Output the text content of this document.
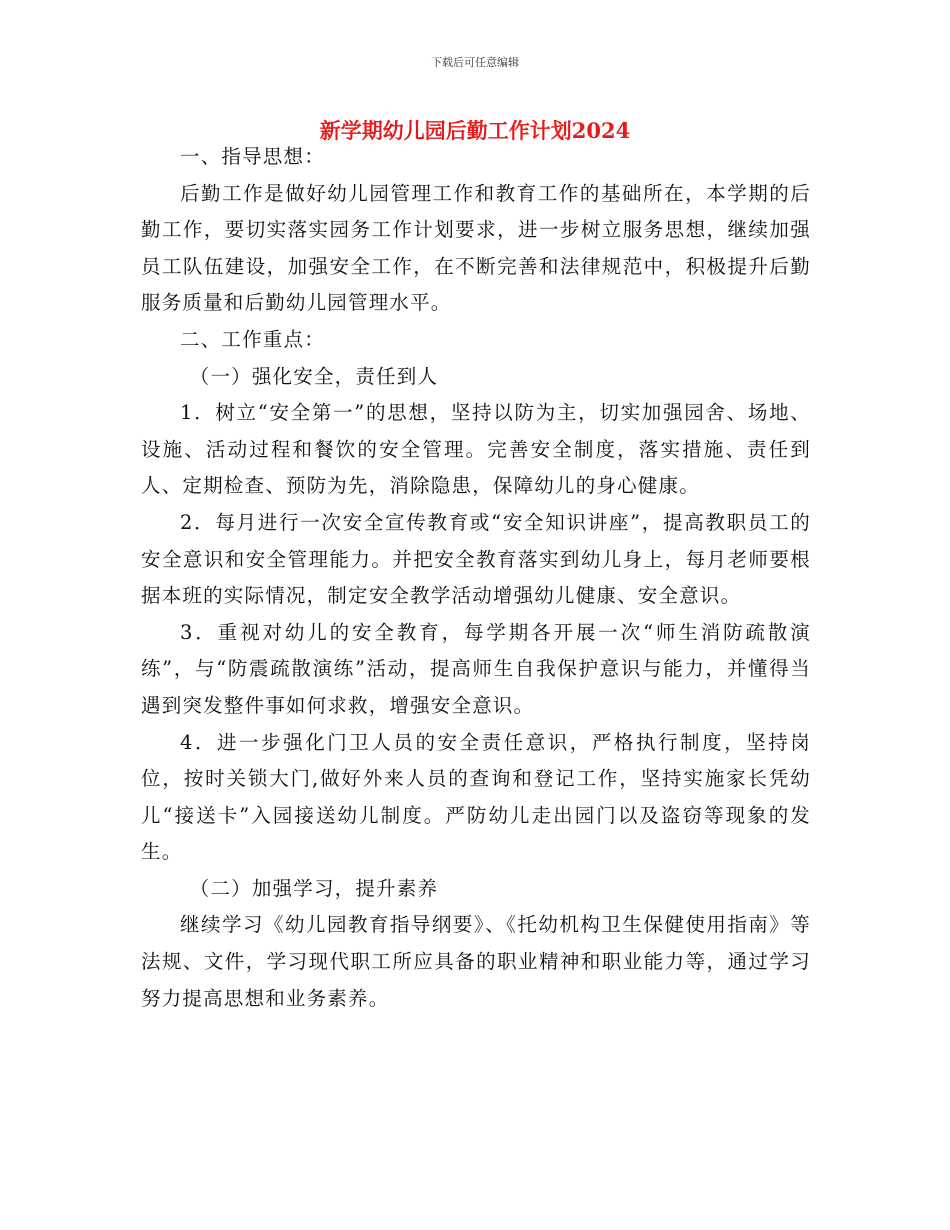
下载后可任意编辑
新学期幼儿园后勤工作计划2024

一、指导思想：

后勤工作是做好幼儿园管理工作和教育工作的基础所在，本学期的后勤工作，要切实落实园务工作计划要求，进一步树立服务思想，继续加强员工队伍建设，加强安全工作，在不断完善和法律规范中，积极提升后勤服务质量和后勤幼儿园管理水平。

二、工作重点：

（一）强化安全，责任到人

1．树立“安全第一”的思想，坚持以防为主，切实加强园舍、场地、设施、活动过程和餐饮的安全管理。完善安全制度，落实措施、责任到人、定期检查、预防为先，消除隐患，保障幼儿的身心健康。

2．每月进行一次安全宣传教育或“安全知识讲座”，提高教职员工的安全意识和安全管理能力。并把安全教育落实到幼儿身上，每月老师要根据本班的实际情况，制定安全教学活动增强幼儿健康、安全意识。

3．重视对幼儿的安全教育，每学期各开展一次“师生消防疏散演练”，与“防震疏散演练”活动，提高师生自我保护意识与能力，并懂得当遇到突发整件事如何求救，增强安全意识。

4．进一步强化门卫人员的安全责任意识，严格执行制度，坚持岗位，按时关锁大门,做好外来人员的查询和登记工作，坚持实施家长凭幼儿“接送卡”入园接送幼儿制度。严防幼儿走出园门以及盗窃等现象的发生。

（二）加强学习，提升素养

继续学习《幼儿园教育指导纲要》、《托幼机构卫生保健使用指南》等法规、文件，学习现代职工所应具备的职业精神和职业能力等，通过学习努力提高思想和业务素养。
